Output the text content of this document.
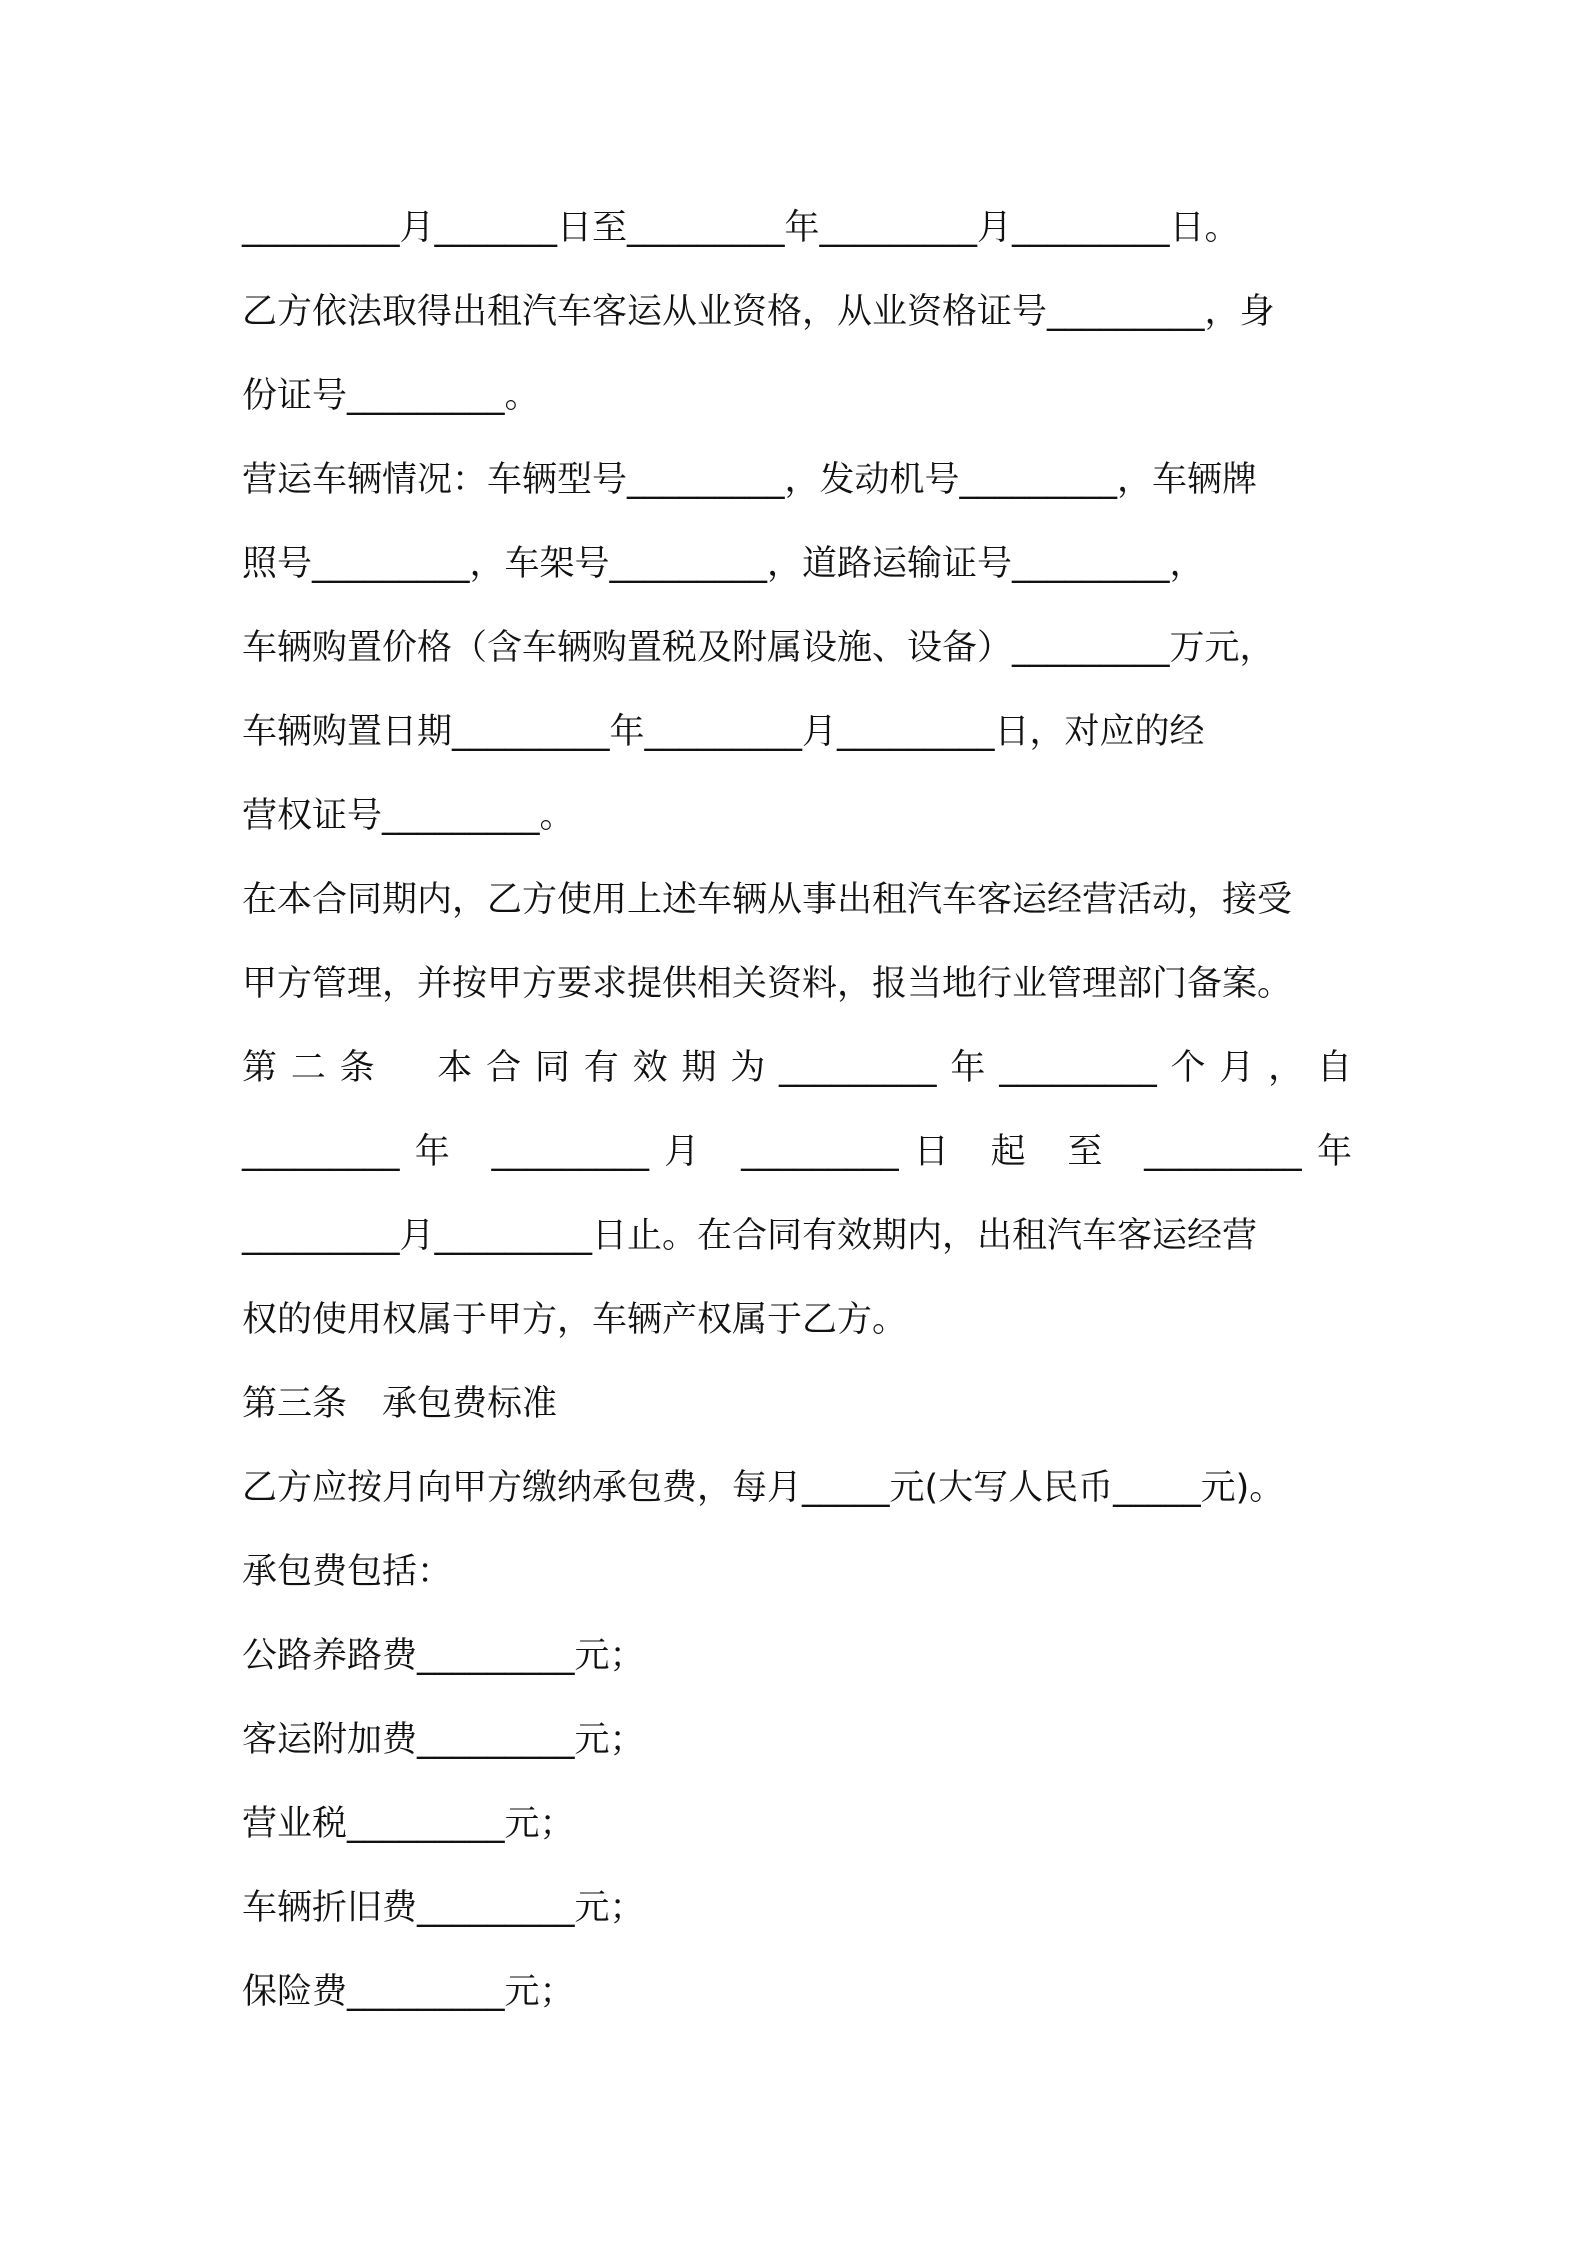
_________月_______日至_________年_________月_________日。
乙方依法取得出租汽车客运从业资格，从业资格证号_________，身
份证号_________。
营运车辆情况：车辆型号_________，发动机号_________，车辆牌
照号_________，车架号_________，道路运输证号_________，
车辆购置价格（含车辆购置税及附属设施、设备）_________万元，
车辆购置日期_________年_________月_________日，对应的经
营权证号_________。
在本合同期内，乙方使用上述车辆从事出租汽车客运经营活动，接受
甲方管理，并按甲方要求提供相关资料，报当地行业管理部门备案。
第二条　本合同有效期为_________年_________个月，自
_________年 _________月 _________日 起 至 _________年
_________月_________日止。在合同有效期内，出租汽车客运经营
权的使用权属于甲方，车辆产权属于乙方。
第三条　承包费标准
乙方应按月向甲方缴纳承包费，每月_____元(大写人民币_____元)。
承包费包括：
公路养路费_________元；
客运附加费_________元；
营业税_________元；
车辆折旧费_________元；
保险费_________元；
